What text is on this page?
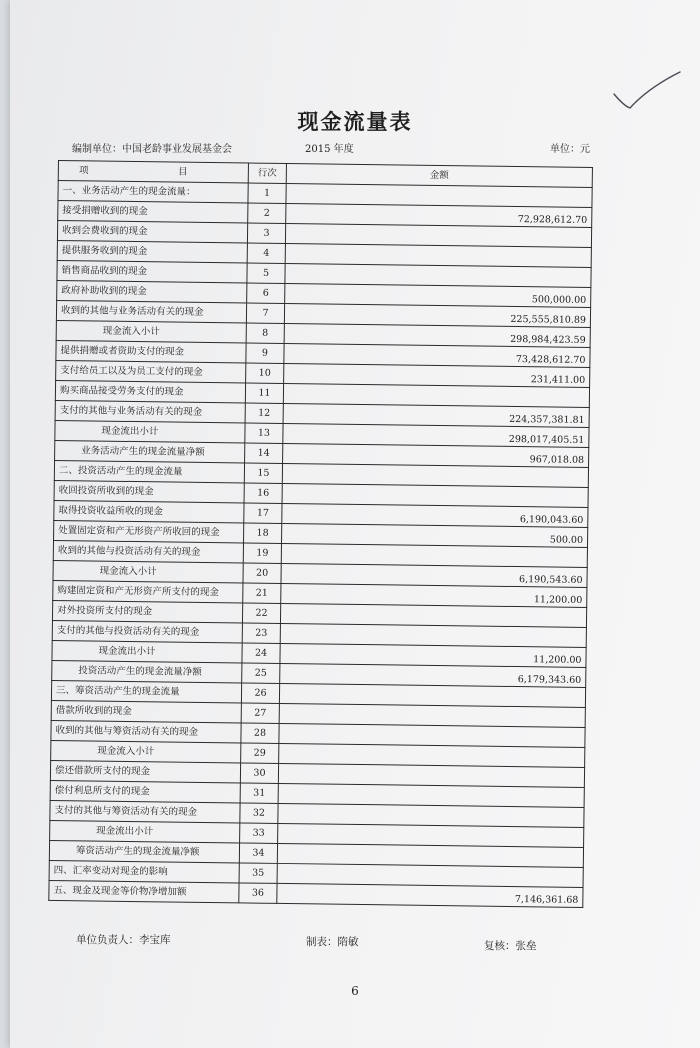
现金流量表
编制单位：中国老龄事业发展基金会	2015 年度	单位：元
项　目	行次	金额
一、业务活动产生的现金流量：	1	
接受捐赠收到的现金	2	72,928,612.70
收到会费收到的现金	3	
提供服务收到的现金	4	
销售商品收到的现金	5	
政府补助收到的现金	6	500,000.00
收到的其他与业务活动有关的现金	7	225,555,810.89
现金流入小计	8	298,984,423.59
提供捐赠或者资助支付的现金	9	73,428,612.70
支付给员工以及为员工支付的现金	10	231,411.00
购买商品接受劳务支付的现金	11	
支付的其他与业务活动有关的现金	12	224,357,381.81
现金流出小计	13	298,017,405.51
业务活动产生的现金流量净额	14	967,018.08
二、投资活动产生的现金流量	15	
收回投资所收到的现金	16	
取得投资收益所收的现金	17	6,190,043.60
处置固定资和产无形资产所收回的现金	18	500.00
收到的其他与投资活动有关的现金	19	
现金流入小计	20	6,190,543.60
购建固定资和产无形资产所支付的现金	21	11,200.00
对外投资所支付的现金	22	
支付的其他与投资活动有关的现金	23	
现金流出小计	24	11,200.00
投资活动产生的现金流量净额	25	6,179,343.60
三、筹资活动产生的现金流量	26	
借款所收到的现金	27	
收到的其他与筹资活动有关的现金	28	
现金流入小计	29	
偿还借款所支付的现金	30	
偿付利息所支付的现金	31	
支付的其他与筹资活动有关的现金	32	
现金流出小计	33	
筹资活动产生的现金流量净额	34	
四、汇率变动对现金的影响	35	
五、现金及现金等价物净增加额	36	7,146,361.68
单位负责人：李宝库	制表：隋敏	复核：张垒
6
